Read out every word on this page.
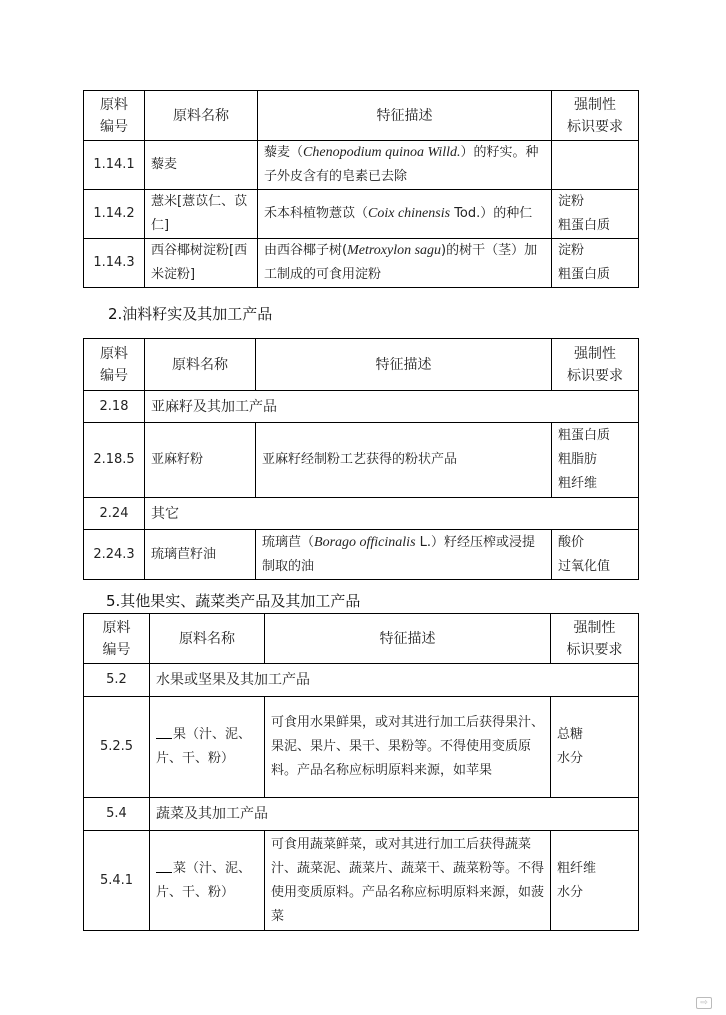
原料
编号	原料名称	特征描述	强制性
标识要求
1.14.1	藜麦	藜麦（Chenopodium quinoa Willd.）的籽实。种子外皮含有的皂素已去除	
1.14.2	薏米[薏苡仁、苡仁]	禾本科植物薏苡（Coix chinensis Tod.）的种仁	淀粉
粗蛋白质
1.14.3	西谷椰树淀粉[西米淀粉]	由西谷椰子树(Metroxylon sagu)的树干（茎）加工制成的可食用淀粉	淀粉
粗蛋白质
2.油料籽实及其加工产品
原料
编号	原料名称	特征描述	强制性
标识要求
2.18	亚麻籽及其加工产品		
2.18.5	亚麻籽粉	亚麻籽经制粉工艺获得的粉状产品	粗蛋白质
粗脂肪
粗纤维
2.24	其它		
2.24.3	琉璃苣籽油	琉璃苣（Borago officinalis L.）籽经压榨或浸提制取的油	酸价
过氧化值
5.其他果实、蔬菜类产品及其加工产品
原料
编号	原料名称	特征描述	强制性
标识要求
5.2	水果或坚果及其加工产品		
5.2.5	果（汁、泥、片、干、粉）	可食用水果鲜果，或对其进行加工后获得果汁、果泥、果片、果干、果粉等。不得使用变质原料。产品名称应标明原料来源，如苹果	总糖
水分
5.4	蔬菜及其加工产品		
5.4.1	菜（汁、泥、片、干、粉）	可食用蔬菜鲜菜，或对其进行加工后获得蔬菜汁、蔬菜泥、蔬菜片、蔬菜干、蔬菜粉等。不得使用变质原料。产品名称应标明原料来源，如菠菜	粗纤维
水分
⇨
